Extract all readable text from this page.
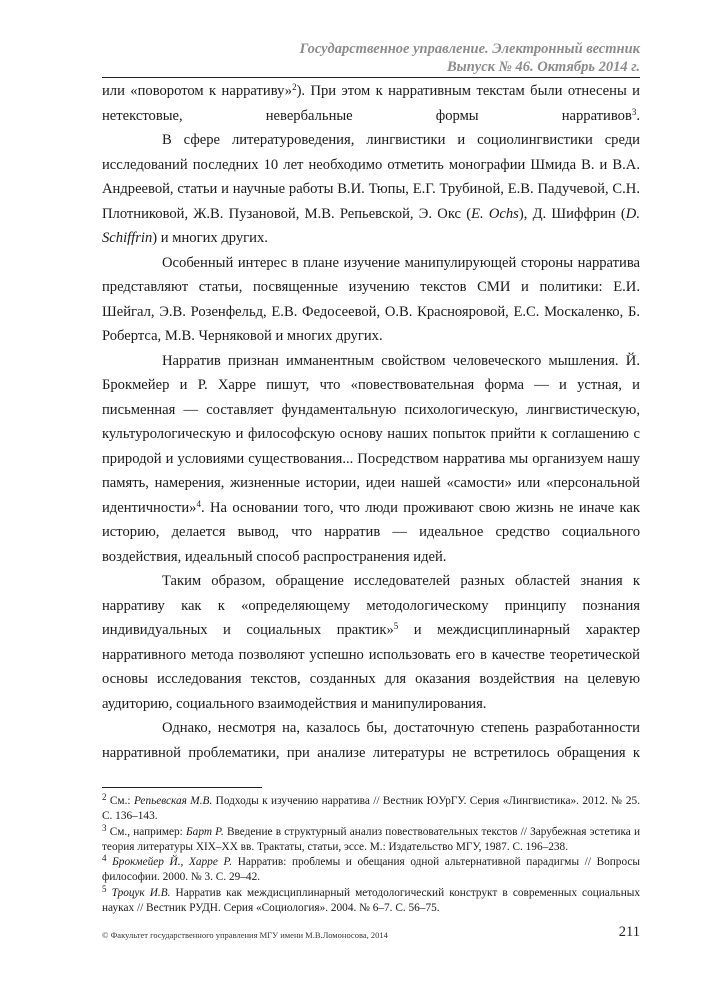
Государственное управление. Электронный вестник
Выпуск № 46. Октябрь 2014 г.

или «поворотом к нарративу»$^2$). При этом к нарративным текстам были отнесены и нетекстовые, невербальные формы нарративов$^3$.

В сфере литературоведения, лингвистики и социолингвистики среди исследований последних 10 лет необходимо отметить монографии Шмида В. и В.А. Андреевой, статьи и научные работы В.И. Тюпы, Е.Г. Трубиной, Е.В. Падучевой, С.Н. Плотниковой, Ж.В. Пузановой, М.В. Репьевской, Э. Окс (E. Ochs), Д. Шиффрин (D. Schiffrin) и многих других.

Особенный интерес в плане изучение манипулирующей стороны нарратива представляют статьи, посвященные изучению текстов СМИ и политики: Е.И. Шейгал, Э.В. Розенфельд, Е.В. Федосеевой, О.В. Краснояровой, Е.С. Москаленко, Б. Робертса, М.В. Черняковой и многих других.

Нарратив признан имманентным свойством человеческого мышления. Й. Брокмейер и Р. Харре пишут, что «повествовательная форма — и устная, и письменная — составляет фундаментальную психологическую, лингвистическую, культурологическую и философскую основу наших попыток прийти к соглашению с природой и условиями существования... Посредством нарратива мы организуем нашу память, намерения, жизненные истории, идеи нашей «самости» или «персональной идентичности»$^4$. На основании того, что люди проживают свою жизнь не иначе как историю, делается вывод, что нарратив — идеальное средство социального воздействия, идеальный способ распространения идей.

Таким образом, обращение исследователей разных областей знания к нарративу как к «определяющему методологическому принципу познания индивидуальных и социальных практик»$^5$ и междисциплинарный характер нарративного метода позволяют успешно использовать его в качестве теоретической основы исследования текстов, созданных для оказания воздействия на целевую аудиторию, социального взаимодействия и манипулирования.

Однако, несмотря на, казалось бы, достаточную степень разработанности нарративной проблематики, при анализе литературы не встретилось обращения к

$^2$ См.: Репьевская М.В. Подходы к изучению нарратива // Вестник ЮУрГУ. Серия «Лингвистика». 2012. № 25. С. 136–143.

$^3$ См., например: Барт Р. Введение в структурный анализ повествовательных текстов // Зарубежная эстетика и теория литературы XIX–XX вв. Трактаты, статьи, эссе. М.: Издательство МГУ, 1987. С. 196–238.

$^4$ Брокмейер Й., Харре Р. Нарратив: проблемы и обещания одной альтернативной парадигмы // Вопросы философии. 2000. № 3. С. 29–42.

$^5$ Троцук И.В. Нарратив как междисциплинарный методологический конструкт в современных социальных науках // Вестник РУДН. Серия «Социология». 2004. № 6–7. С. 56–75.

© Факультет государственного управления МГУ имени М.В.Ломоносова, 2014	211
